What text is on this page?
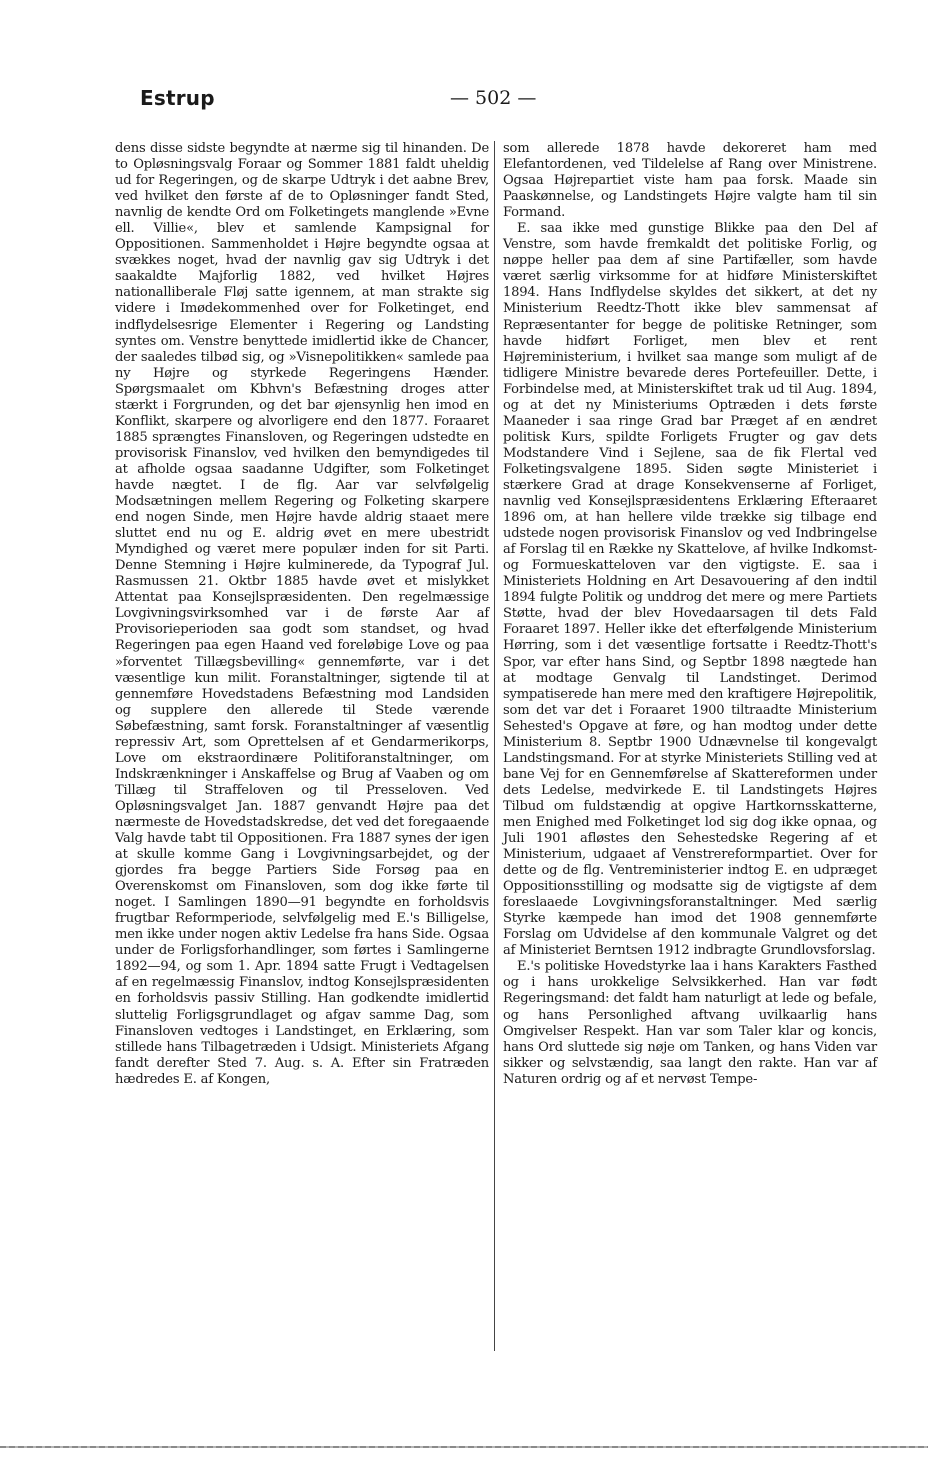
Estrup	— 502 —

dens disse sidste begyndte at nærme sig til hinanden. De to Opløsningsvalg Foraar og Sommer 1881 faldt uheldig ud for Regeringen, og de skarpe Udtryk i det aabne Brev, ved hvilket den første af de to Opløsninger fandt Sted, navnlig de kendte Ord om Folketingets manglende »Evne ell. Villie«, blev et samlende Kampsignal for Oppositionen. Sammenholdet i Højre begyndte ogsaa at svækkes noget, hvad der navnlig gav sig Udtryk i det saakaldte Majforlig 1882, ved hvilket Højres nationalliberale Fløj satte igennem, at man strakte sig videre i Imødekommenhed over for Folketinget, end indflydelsesrige Elementer i Regering og Landsting syntes om. Venstre benyttede imidlertid ikke de Chancer, der saaledes tilbød sig, og »Visnepolitikken« samlede paa ny Højre og styrkede Regeringens Hænder. Spørgsmaalet om Kbhvn's Befæstning droges atter stærkt i Forgrunden, og det bar øjensynlig hen imod en Konflikt, skarpere og alvorligere end den 1877. Foraaret 1885 sprængtes Finansloven, og Regeringen udstedte en provisorisk Finanslov, ved hvilken den bemyndigedes til at afholde ogsaa saadanne Udgifter, som Folketinget havde nægtet. I de flg. Aar var selvfølgelig Modsætningen mellem Regering og Folketing skarpere end nogen Sinde, men Højre havde aldrig staaet mere sluttet end nu og E. aldrig øvet en mere ubestridt Myndighed og været mere populær inden for sit Parti. Denne Stemning i Højre kulminerede, da Typograf Jul. Rasmussen 21. Oktbr 1885 havde øvet et mislykket Attentat paa Konsejlspræsidenten. Den regelmæssige Lovgivningsvirksomhed var i de første Aar af Provisorieperioden saa godt som standset, og hvad Regeringen paa egen Haand ved foreløbige Love og paa »forventet Tillægsbevilling« gennemførte, var i det væsentlige kun milit. Foranstaltninger, sigtende til at gennemføre Hovedstadens Befæstning mod Landsiden og supplere den allerede til Stede værende Søbefæstning, samt forsk. Foranstaltninger af væsentlig repressiv Art, som Oprettelsen af et Gendarmerikorps, Love om ekstraordinære Politiforanstaltninger, om Indskrænkninger i Anskaffelse og Brug af Vaaben og om Tillæg til Straffeloven og til Presseloven. Ved Opløsningsvalget Jan. 1887 genvandt Højre paa det nærmeste de Hovedstadskredse, det ved det foregaaende Valg havde tabt til Oppositionen. Fra 1887 synes der igen at skulle komme Gang i Lovgivningsarbejdet, og der gjordes fra begge Partiers Side Forsøg paa en Overenskomst om Finansloven, som dog ikke førte til noget. I Samlingen 1890—91 begyndte en forholdsvis frugtbar Reformperiode, selvfølgelig med E.'s Billigelse, men ikke under nogen aktiv Ledelse fra hans Side. Ogsaa under de Forligsforhandlinger, som førtes i Samlingerne 1892—94, og som 1. Apr. 1894 satte Frugt i Vedtagelsen af en regelmæssig Finanslov, indtog Konsejlspræsidenten en forholdsvis passiv Stilling. Han godkendte imidlertid sluttelig Forligsgrundlaget og afgav samme Dag, som Finansloven vedtoges i Landstinget, en Erklæring, som stillede hans Tilbagetræden i Udsigt. Ministeriets Afgang fandt derefter Sted 7. Aug. s. A. Efter sin Fratræden hædredes E. af Kongen,

som allerede 1878 havde dekoreret ham med Elefantordenen, ved Tildelelse af Rang over Ministrene. Ogsaa Højrepartiet viste ham paa forsk. Maade sin Paaskønnelse, og Landstingets Højre valgte ham til sin Formand.

E. saa ikke med gunstige Blikke paa den Del af Venstre, som havde fremkaldt det politiske Forlig, og nøppe heller paa dem af sine Partifæller, som havde været særlig virksomme for at hidføre Ministerskiftet 1894. Hans Indflydelse skyldes det sikkert, at det ny Ministerium Reedtz-Thott ikke blev sammensat af Repræsentanter for begge de politiske Retninger, som havde hidført Forliget, men blev et rent Højreministerium, i hvilket saa mange som muligt af de tidligere Ministre bevarede deres Portefeuiller. Dette, i Forbindelse med, at Ministerskiftet trak ud til Aug. 1894, og at det ny Ministeriums Optræden i dets første Maaneder i saa ringe Grad bar Præget af en ændret politisk Kurs, spildte Forligets Frugter og gav dets Modstandere Vind i Sejlene, saa de fik Flertal ved Folketingsvalgene 1895. Siden søgte Ministeriet i stærkere Grad at drage Konsekvenserne af Forliget, navnlig ved Konsejlspræsidentens Erklæring Efteraaret 1896 om, at han hellere vilde trække sig tilbage end udstede nogen provisorisk Finanslov og ved Indbringelse af Forslag til en Række ny Skattelove, af hvilke Indkomst- og Formueskatteloven var den vigtigste. E. saa i Ministeriets Holdning en Art Desavouering af den indtil 1894 fulgte Politik og unddrog det mere og mere Partiets Støtte, hvad der blev Hovedaarsagen til dets Fald Foraaret 1897. Heller ikke det efterfølgende Ministerium Hørring, som i det væsentlige fortsatte i Reedtz-Thott's Spor, var efter hans Sind, og Septbr 1898 nægtede han at modtage Genvalg til Landstinget. Derimod sympatiserede han mere med den kraftigere Højrepolitik, som det var det i Foraaret 1900 tiltraadte Ministerium Sehested's Opgave at føre, og han modtog under dette Ministerium 8. Septbr 1900 Udnævnelse til kongevalgt Landstingsmand. For at styrke Ministeriets Stilling ved at bane Vej for en Gennemførelse af Skattereformen under dets Ledelse, medvirkede E. til Landstingets Højres Tilbud om fuldstændig at opgive Hartkornsskatterne, men Enighed med Folketinget lod sig dog ikke opnaa, og Juli 1901 afløstes den Sehestedske Regering af et Ministerium, udgaaet af Venstrereformpartiet. Over for dette og de flg. Ventreministerier indtog E. en udpræget Oppositionsstilling og modsatte sig de vigtigste af dem foreslaaede Lovgivningsforanstaltninger. Med særlig Styrke kæmpede han imod det 1908 gennemførte Forslag om Udvidelse af den kommunale Valgret og det af Ministeriet Berntsen 1912 indbragte Grundlovsforslag.

E.'s politiske Hovedstyrke laa i hans Karakters Fasthed og i hans urokkelige Selvsikkerhed. Han var født Regeringsmand: det faldt ham naturligt at lede og befale, og hans Personlighed aftvang uvilkaarlig hans Omgivelser Respekt. Han var som Taler klar og koncis, hans Ord sluttede sig nøje om Tanken, og hans Viden var sikker og selvstændig, saa langt den rakte. Han var af Naturen ordrig og af et nervøst Tempe-
